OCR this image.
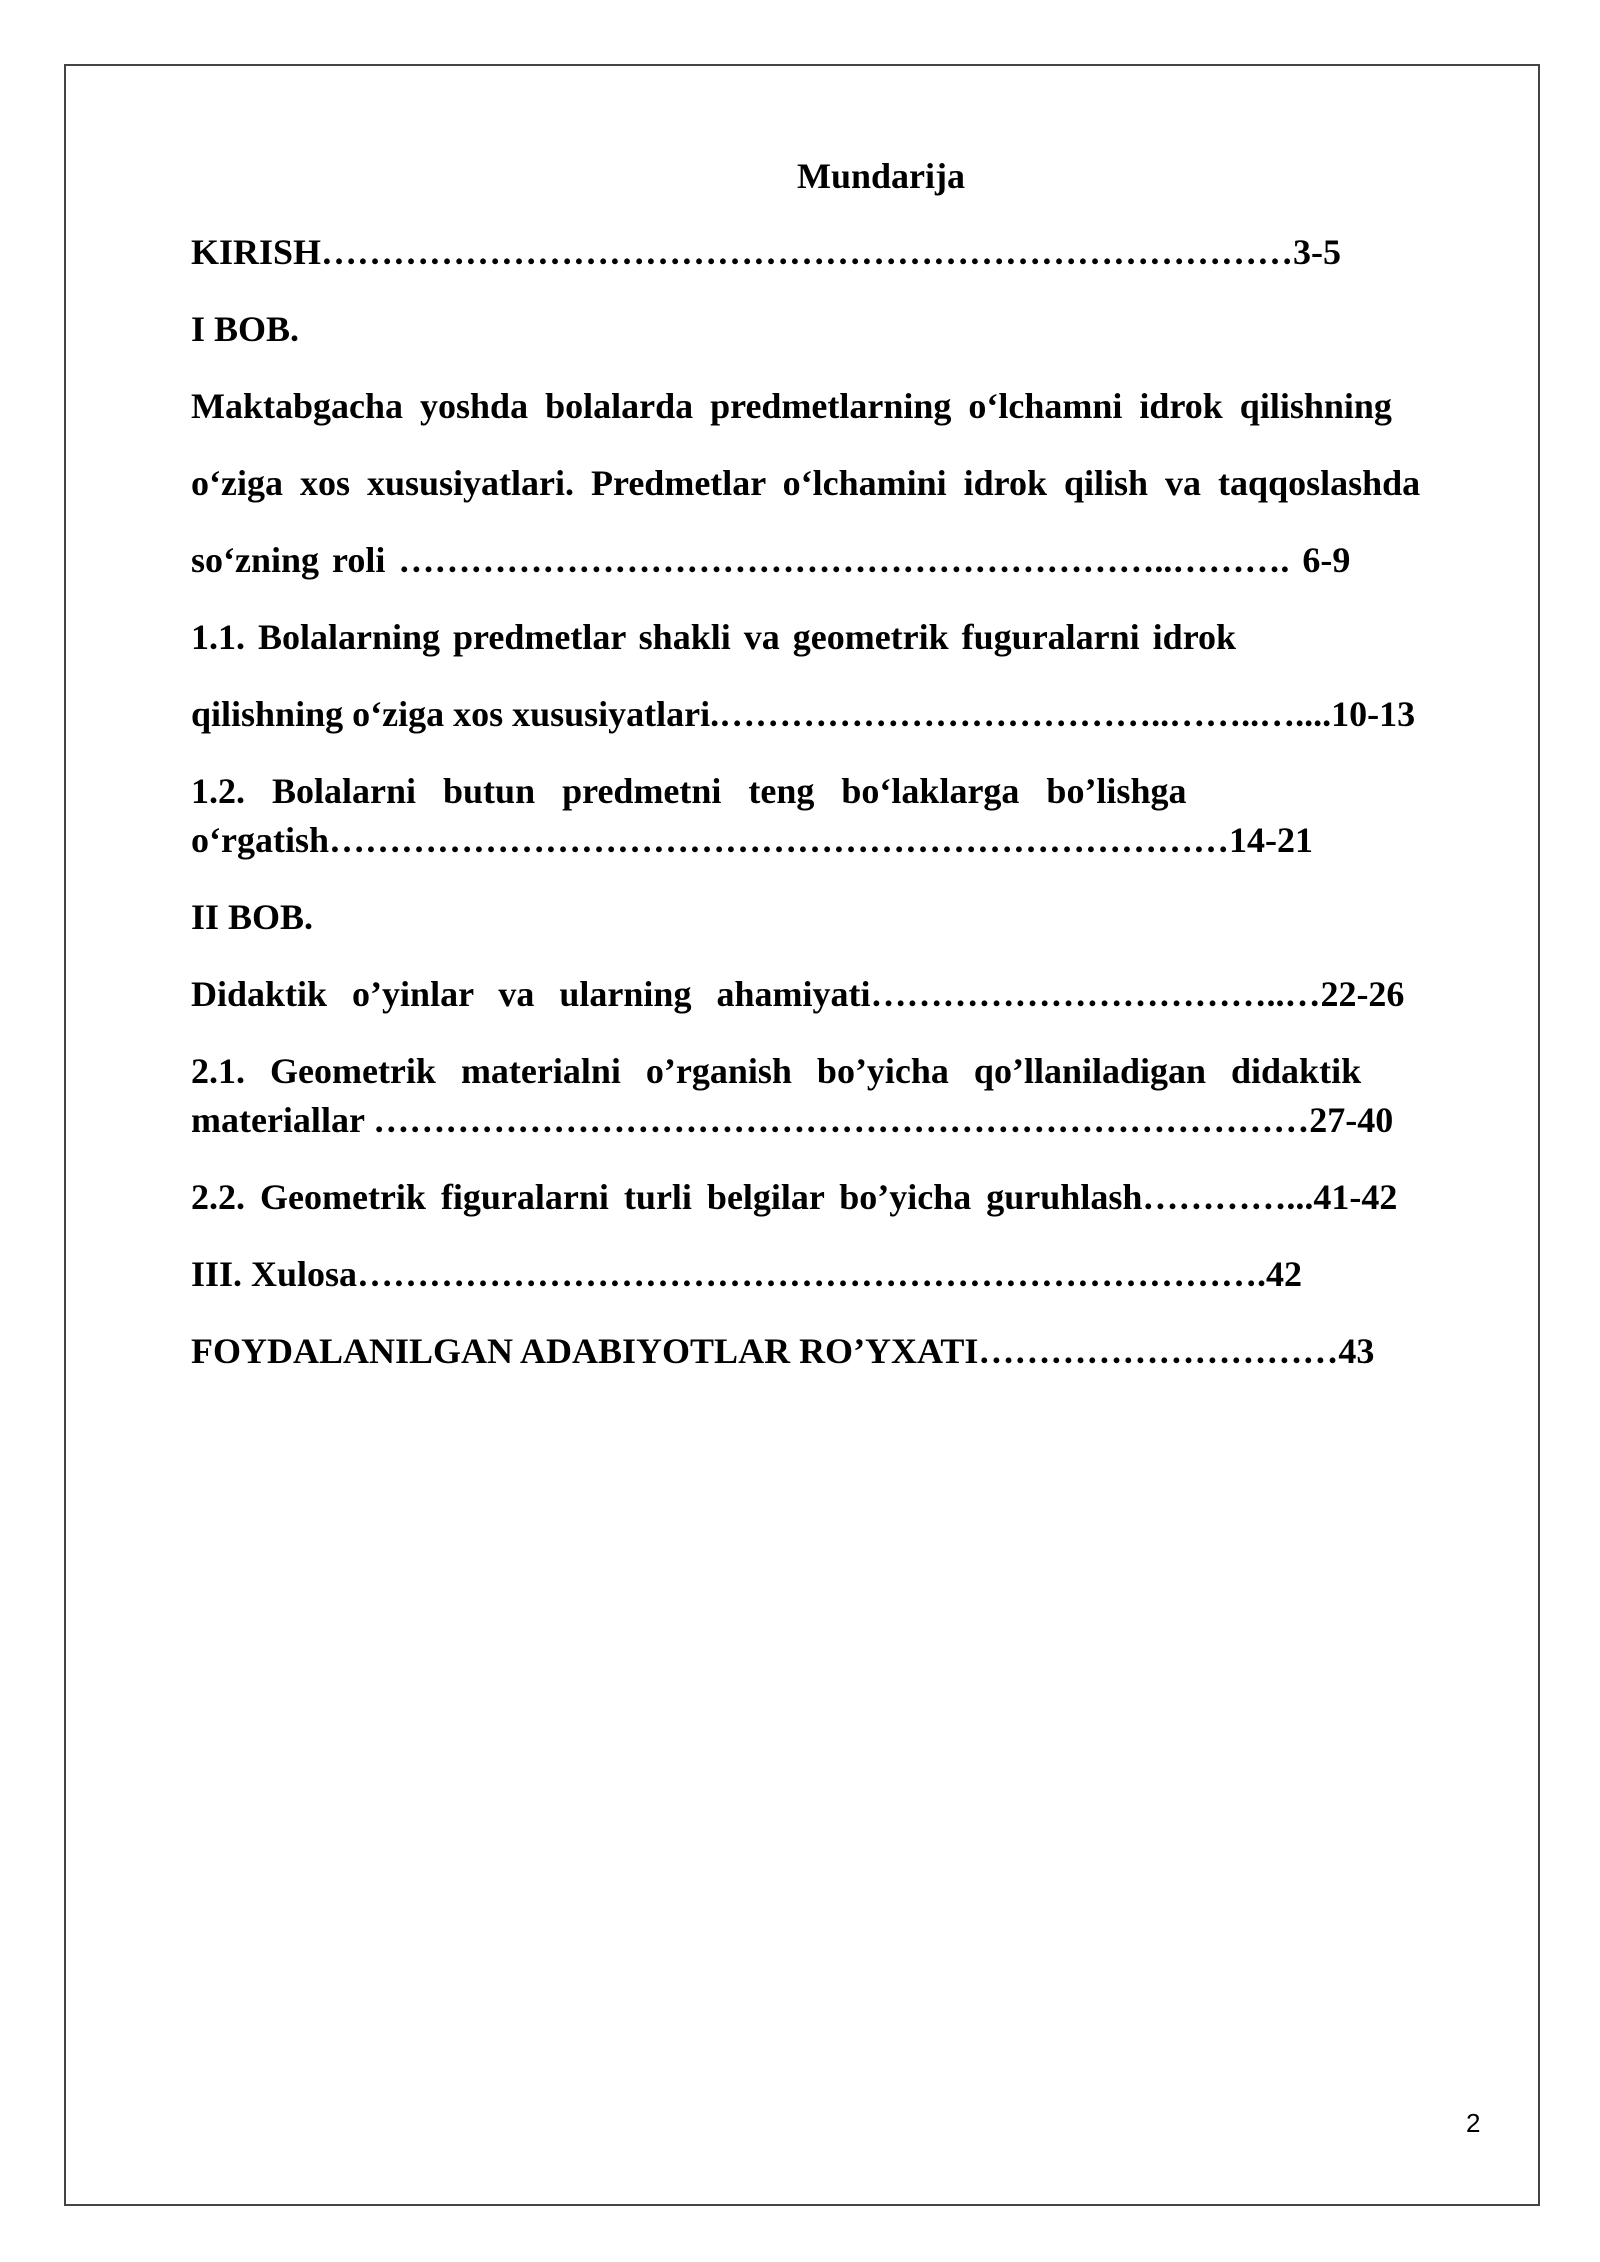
Mundarija
KIRISH………………………………………………………………………3-5
I BOB.
Maktabgacha yoshda bolalarda predmetlarning o‘lchamni idrok qilishning
o‘ziga xos xususiyatlari. Predmetlar o‘lchamini idrok qilish va taqqoslashda
so‘zning roli ………………………………………………………..………. 6-9
1.1. Bolalarning predmetlar shakli va geometrik fuguralarni idrok
qilishning o‘ziga xos xususiyatlari.………………………………..……..…....10-13
1.2. Bolalarni butun predmetni teng bo‘laklarga bo’lishga
o‘rgatish…………………………………………………………………14-21
II BOB.
Didaktik o’yinlar va ularning ahamiyati……………………………..…22-26
2.1. Geometrik materialni o’rganish bo’yicha qo’llaniladigan didaktik
materiallar ……………………………………………………………………27-40
2.2. Geometrik figuralarni turli belgilar bo’yicha guruhlash…………...41-42
III. Xulosa………………………………………………………………….42
FOYDALANILGAN ADABIYOTLAR RO’YXATI…………………………43
2
